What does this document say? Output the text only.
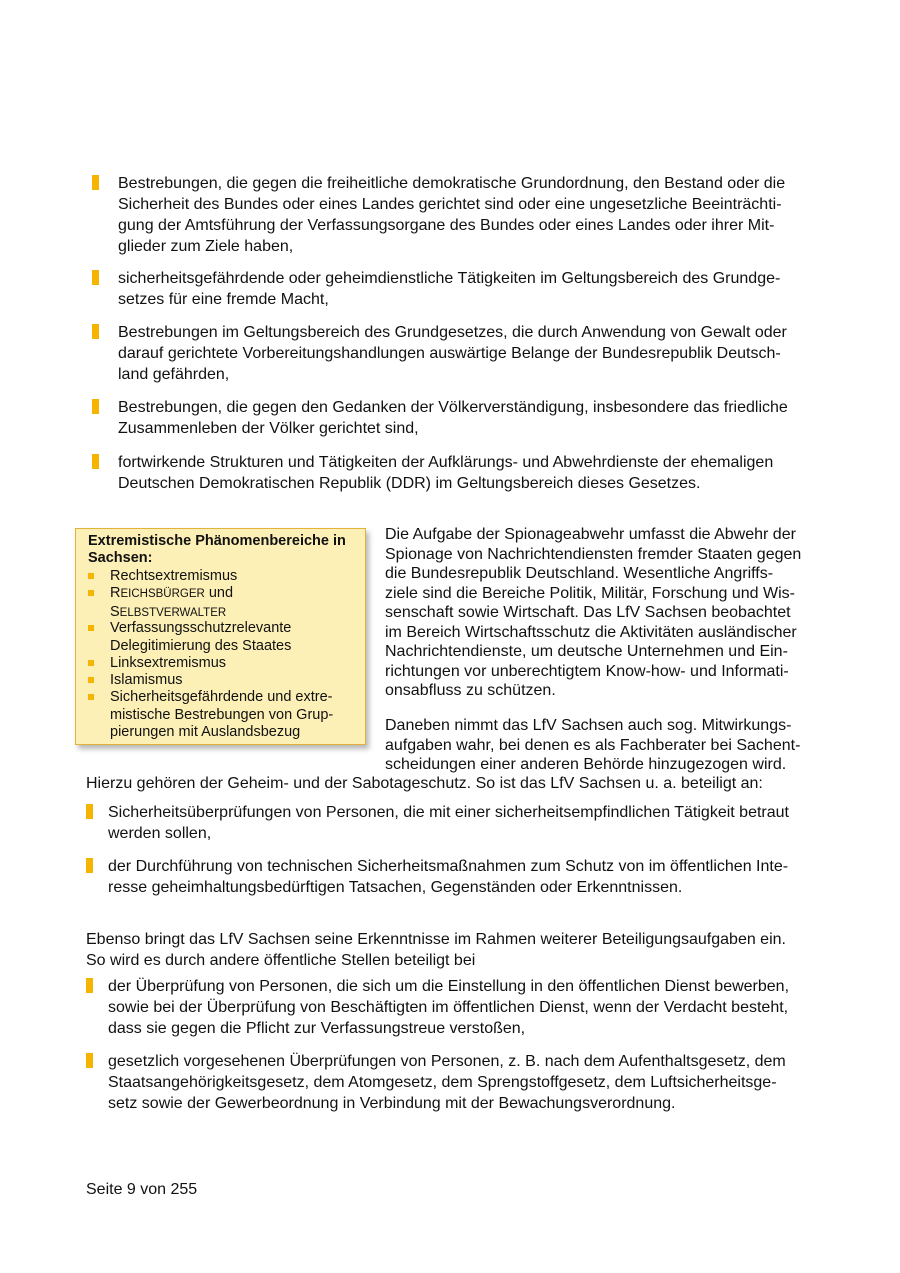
Bestrebungen, die gegen die freiheitliche demokratische Grundordnung, den Bestand oder die
Sicherheit des Bundes oder eines Landes gerichtet sind oder eine ungesetzliche Beeinträchti-
gung der Amtsführung der Verfassungsorgane des Bundes oder eines Landes oder ihrer Mit-
glieder zum Ziele haben,
sicherheitsgefährdende oder geheimdienstliche Tätigkeiten im Geltungsbereich des Grundge-
setzes für eine fremde Macht,
Bestrebungen im Geltungsbereich des Grundgesetzes, die durch Anwendung von Gewalt oder
darauf gerichtete Vorbereitungshandlungen auswärtige Belange der Bundesrepublik Deutsch-
land gefährden,
Bestrebungen, die gegen den Gedanken der Völkerverständigung, insbesondere das friedliche
Zusammenleben der Völker gerichtet sind,
fortwirkende Strukturen und Tätigkeiten der Aufklärungs- und Abwehrdienste der ehemaligen
Deutschen Demokratischen Republik (DDR) im Geltungsbereich dieses Gesetzes.
Extremistische Phänomenbereiche in
Sachsen:
Rechtsextremismus
REICHSBÜRGER und
SELBSTVERWALTER
Verfassungsschutzrelevante
Delegitimierung des Staates
Linksextremismus
Islamismus
Sicherheitsgefährdende und extre-
mistische Bestrebungen von Grup-
pierungen mit Auslandsbezug
Die Aufgabe der Spionageabwehr umfasst die Abwehr der
Spionage von Nachrichtendiensten fremder Staaten gegen
die Bundesrepublik Deutschland. Wesentliche Angriffs-
ziele sind die Bereiche Politik, Militär, Forschung und Wis-
senschaft sowie Wirtschaft. Das LfV Sachsen beobachtet
im Bereich Wirtschaftsschutz die Aktivitäten ausländischer
Nachrichtendienste, um deutsche Unternehmen und Ein-
richtungen vor unberechtigtem Know-how- und Informati-
onsabfluss zu schützen.
Daneben nimmt das LfV Sachsen auch sog. Mitwirkungs-
aufgaben wahr, bei denen es als Fachberater bei Sachent-
scheidungen einer anderen Behörde hinzugezogen wird.
Hierzu gehören der Geheim- und der Sabotageschutz. So ist das LfV Sachsen u. a. beteiligt an:
Sicherheitsüberprüfungen von Personen, die mit einer sicherheitsempfindlichen Tätigkeit betraut
werden sollen,
der Durchführung von technischen Sicherheitsmaßnahmen zum Schutz von im öffentlichen Inte-
resse geheimhaltungsbedürftigen Tatsachen, Gegenständen oder Erkenntnissen.
Ebenso bringt das LfV Sachsen seine Erkenntnisse im Rahmen weiterer Beteiligungsaufgaben ein.
So wird es durch andere öffentliche Stellen beteiligt bei
der Überprüfung von Personen, die sich um die Einstellung in den öffentlichen Dienst bewerben,
sowie bei der Überprüfung von Beschäftigten im öffentlichen Dienst, wenn der Verdacht besteht,
dass sie gegen die Pflicht zur Verfassungstreue verstoßen,
gesetzlich vorgesehenen Überprüfungen von Personen, z. B. nach dem Aufenthaltsgesetz, dem
Staatsangehörigkeitsgesetz, dem Atomgesetz, dem Sprengstoffgesetz, dem Luftsicherheitsge-
setz sowie der Gewerbeordnung in Verbindung mit der Bewachungsverordnung.
Seite 9 von 255
